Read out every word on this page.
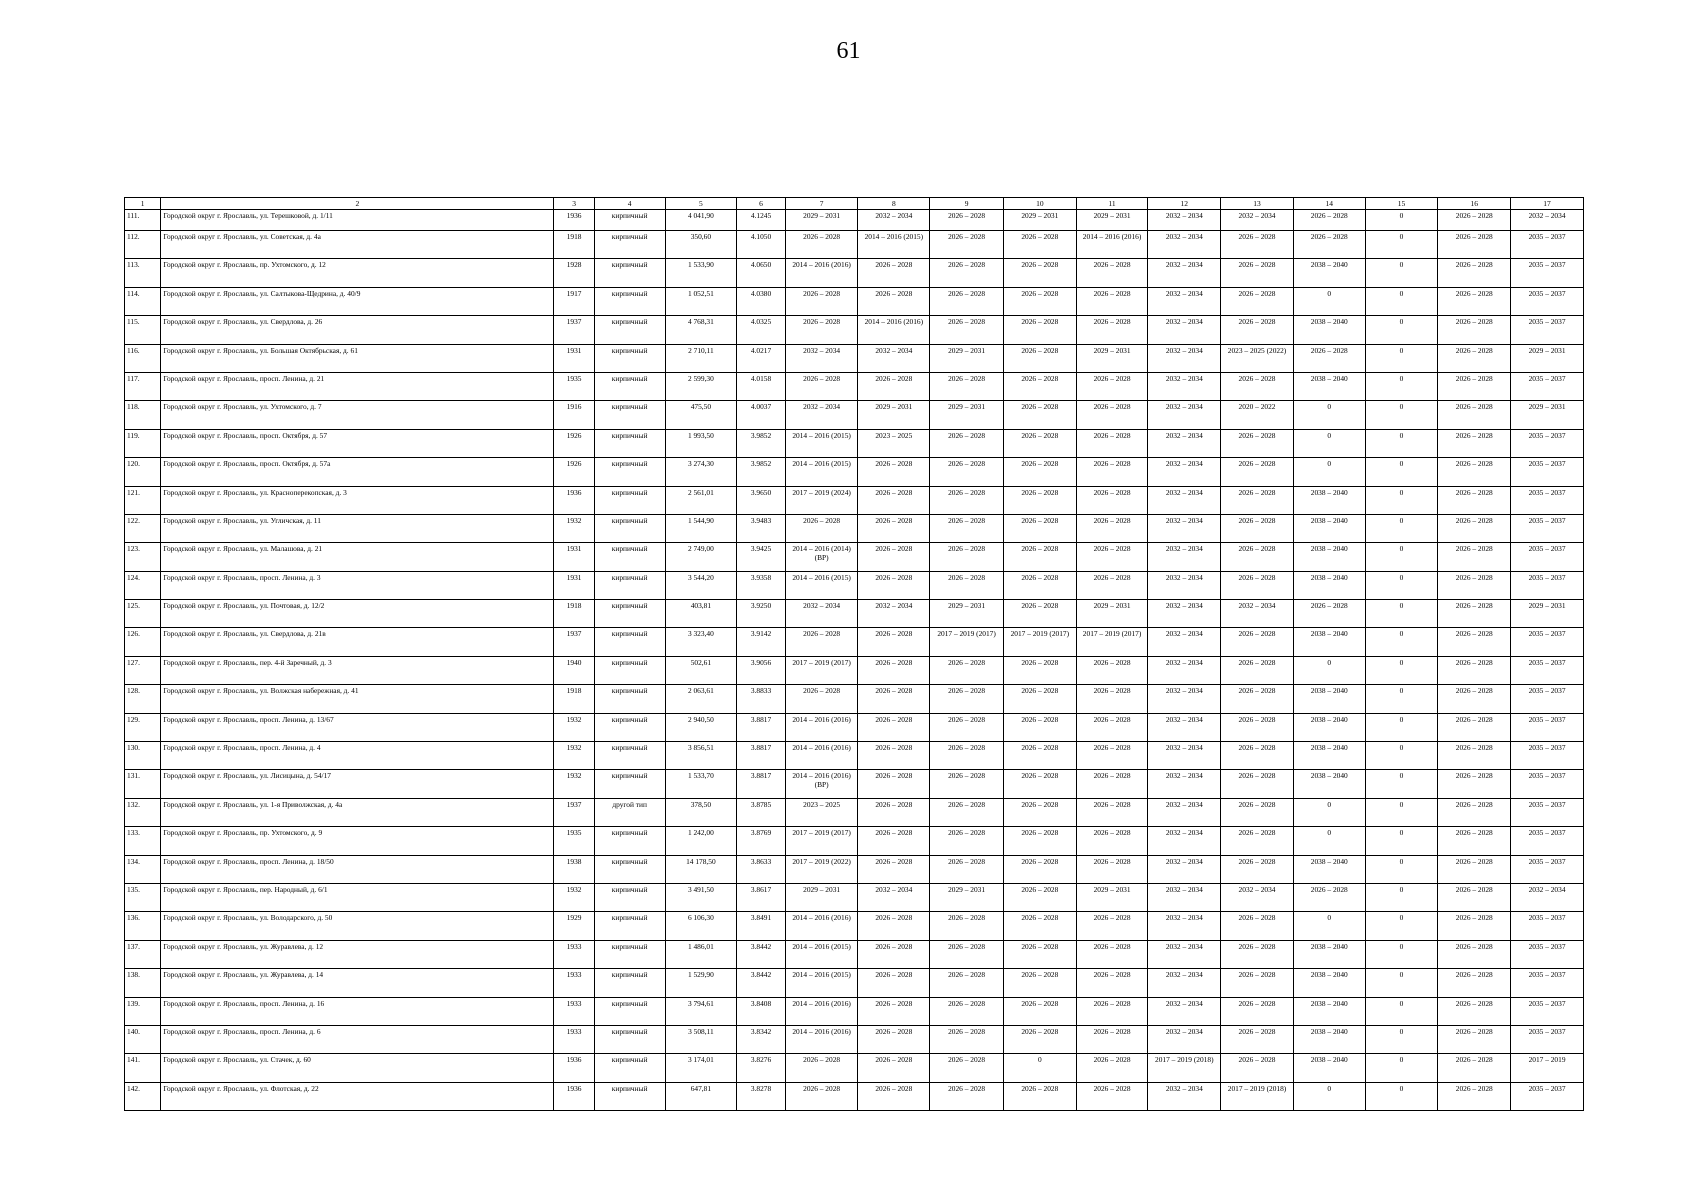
61
1	2	3	4	5	6	7	8	9	10	11	12	13	14	15	16	17
111.	Городской округ г. Ярославль, ул. Терешковой, д. 1/11	1936	кирпичный	4 041,90	4.1245	2029 – 2031	2032 – 2034	2026 – 2028	2029 – 2031	2029 – 2031	2032 – 2034	2032 – 2034	2026 – 2028	0	2026 – 2028	2032 – 2034
112.	Городской округ г. Ярославль, ул. Советская, д. 4а	1918	кирпичный	350,60	4.1050	2026 – 2028	2014 – 2016 (2015)	2026 – 2028	2026 – 2028	2014 – 2016 (2016)	2032 – 2034	2026 – 2028	2026 – 2028	0	2026 – 2028	2035 – 2037
113.	Городской округ г. Ярославль, пр. Ухтомского, д. 12	1928	кирпичный	1 533,90	4.0650	2014 – 2016 (2016)	2026 – 2028	2026 – 2028	2026 – 2028	2026 – 2028	2032 – 2034	2026 – 2028	2038 – 2040	0	2026 – 2028	2035 – 2037
114.	Городской округ г. Ярославль, ул. Салтыкова-Щедрина, д. 40/9	1917	кирпичный	1 052,51	4.0380	2026 – 2028	2026 – 2028	2026 – 2028	2026 – 2028	2026 – 2028	2032 – 2034	2026 – 2028	0	0	2026 – 2028	2035 – 2037
115.	Городской округ г. Ярославль, ул. Свердлова, д. 26	1937	кирпичный	4 768,31	4.0325	2026 – 2028	2014 – 2016 (2016)	2026 – 2028	2026 – 2028	2026 – 2028	2032 – 2034	2026 – 2028	2038 – 2040	0	2026 – 2028	2035 – 2037
116.	Городской округ г. Ярославль, ул. Большая Октябрьская, д. 61	1931	кирпичный	2 710,11	4.0217	2032 – 2034	2032 – 2034	2029 – 2031	2026 – 2028	2029 – 2031	2032 – 2034	2023 – 2025 (2022)	2026 – 2028	0	2026 – 2028	2029 – 2031
117.	Городской округ г. Ярославль, просп. Ленина, д. 21	1935	кирпичный	2 599,30	4.0158	2026 – 2028	2026 – 2028	2026 – 2028	2026 – 2028	2026 – 2028	2032 – 2034	2026 – 2028	2038 – 2040	0	2026 – 2028	2035 – 2037
118.	Городской округ г. Ярославль, ул. Ухтомского, д. 7	1916	кирпичный	475,50	4.0037	2032 – 2034	2029 – 2031	2029 – 2031	2026 – 2028	2026 – 2028	2032 – 2034	2020 – 2022	0	0	2026 – 2028	2029 – 2031
119.	Городской округ г. Ярославль, просп. Октября, д. 57	1926	кирпичный	1 993,50	3.9852	2014 – 2016 (2015)	2023 – 2025	2026 – 2028	2026 – 2028	2026 – 2028	2032 – 2034	2026 – 2028	0	0	2026 – 2028	2035 – 2037
120.	Городской округ г. Ярославль, просп. Октября, д. 57а	1926	кирпичный	3 274,30	3.9852	2014 – 2016 (2015)	2026 – 2028	2026 – 2028	2026 – 2028	2026 – 2028	2032 – 2034	2026 – 2028	0	0	2026 – 2028	2035 – 2037
121.	Городской округ г. Ярославль, ул. Красноперекопская, д. 3	1936	кирпичный	2 561,01	3.9650	2017 – 2019 (2024)	2026 – 2028	2026 – 2028	2026 – 2028	2026 – 2028	2032 – 2034	2026 – 2028	2038 – 2040	0	2026 – 2028	2035 – 2037
122.	Городской округ г. Ярославль, ул. Угличская, д. 11	1932	кирпичный	1 544,90	3.9483	2026 – 2028	2026 – 2028	2026 – 2028	2026 – 2028	2026 – 2028	2032 – 2034	2026 – 2028	2038 – 2040	0	2026 – 2028	2035 – 2037
123.	Городской округ г. Ярославль, ул. Малашова, д. 21	1931	кирпичный	2 749,00	3.9425	2014 – 2016 (2014) (ВР)	2026 – 2028	2026 – 2028	2026 – 2028	2026 – 2028	2032 – 2034	2026 – 2028	2038 – 2040	0	2026 – 2028	2035 – 2037
124.	Городской округ г. Ярославль, просп. Ленина, д. 3	1931	кирпичный	3 544,20	3.9358	2014 – 2016 (2015)	2026 – 2028	2026 – 2028	2026 – 2028	2026 – 2028	2032 – 2034	2026 – 2028	2038 – 2040	0	2026 – 2028	2035 – 2037
125.	Городской округ г. Ярославль, ул. Почтовая, д. 12/2	1918	кирпичный	403,81	3.9250	2032 – 2034	2032 – 2034	2029 – 2031	2026 – 2028	2029 – 2031	2032 – 2034	2032 – 2034	2026 – 2028	0	2026 – 2028	2029 – 2031
126.	Городской округ г. Ярославль, ул. Свердлова, д. 21в	1937	кирпичный	3 323,40	3.9142	2026 – 2028	2026 – 2028	2017 – 2019 (2017)	2017 – 2019 (2017)	2017 – 2019 (2017)	2032 – 2034	2026 – 2028	2038 – 2040	0	2026 – 2028	2035 – 2037
127.	Городской округ г. Ярославль, пер. 4-й Заречный, д. 3	1940	кирпичный	502,61	3.9056	2017 – 2019 (2017)	2026 – 2028	2026 – 2028	2026 – 2028	2026 – 2028	2032 – 2034	2026 – 2028	0	0	2026 – 2028	2035 – 2037
128.	Городской округ г. Ярославль, ул. Волжская набережная, д. 41	1918	кирпичный	2 063,61	3.8833	2026 – 2028	2026 – 2028	2026 – 2028	2026 – 2028	2026 – 2028	2032 – 2034	2026 – 2028	2038 – 2040	0	2026 – 2028	2035 – 2037
129.	Городской округ г. Ярославль, просп. Ленина, д. 13/67	1932	кирпичный	2 940,50	3.8817	2014 – 2016 (2016)	2026 – 2028	2026 – 2028	2026 – 2028	2026 – 2028	2032 – 2034	2026 – 2028	2038 – 2040	0	2026 – 2028	2035 – 2037
130.	Городской округ г. Ярославль, просп. Ленина, д. 4	1932	кирпичный	3 856,51	3.8817	2014 – 2016 (2016)	2026 – 2028	2026 – 2028	2026 – 2028	2026 – 2028	2032 – 2034	2026 – 2028	2038 – 2040	0	2026 – 2028	2035 – 2037
131.	Городской округ г. Ярославль, ул. Лисицына, д. 54/17	1932	кирпичный	1 533,70	3.8817	2014 – 2016 (2016) (ВР)	2026 – 2028	2026 – 2028	2026 – 2028	2026 – 2028	2032 – 2034	2026 – 2028	2038 – 2040	0	2026 – 2028	2035 – 2037
132.	Городской округ г. Ярославль, ул. 1-я Приволжская, д. 4а	1937	другой тип	378,50	3.8785	2023 – 2025	2026 – 2028	2026 – 2028	2026 – 2028	2026 – 2028	2032 – 2034	2026 – 2028	0	0	2026 – 2028	2035 – 2037
133.	Городской округ г. Ярославль, пр. Ухтомского, д. 9	1935	кирпичный	1 242,00	3.8769	2017 – 2019 (2017)	2026 – 2028	2026 – 2028	2026 – 2028	2026 – 2028	2032 – 2034	2026 – 2028	0	0	2026 – 2028	2035 – 2037
134.	Городской округ г. Ярославль, просп. Ленина, д. 18/50	1938	кирпичный	14 178,50	3.8633	2017 – 2019 (2022)	2026 – 2028	2026 – 2028	2026 – 2028	2026 – 2028	2032 – 2034	2026 – 2028	2038 – 2040	0	2026 – 2028	2035 – 2037
135.	Городской округ г. Ярославль, пер. Народный, д. 6/1	1932	кирпичный	3 491,50	3.8617	2029 – 2031	2032 – 2034	2029 – 2031	2026 – 2028	2029 – 2031	2032 – 2034	2032 – 2034	2026 – 2028	0	2026 – 2028	2032 – 2034
136.	Городской округ г. Ярославль, ул. Володарского, д. 50	1929	кирпичный	6 106,30	3.8491	2014 – 2016 (2016)	2026 – 2028	2026 – 2028	2026 – 2028	2026 – 2028	2032 – 2034	2026 – 2028	0	0	2026 – 2028	2035 – 2037
137.	Городской округ г. Ярославль, ул. Журавлева, д. 12	1933	кирпичный	1 486,01	3.8442	2014 – 2016 (2015)	2026 – 2028	2026 – 2028	2026 – 2028	2026 – 2028	2032 – 2034	2026 – 2028	2038 – 2040	0	2026 – 2028	2035 – 2037
138.	Городской округ г. Ярославль, ул. Журавлева, д. 14	1933	кирпичный	1 529,90	3.8442	2014 – 2016 (2015)	2026 – 2028	2026 – 2028	2026 – 2028	2026 – 2028	2032 – 2034	2026 – 2028	2038 – 2040	0	2026 – 2028	2035 – 2037
139.	Городской округ г. Ярославль, просп. Ленина, д. 16	1933	кирпичный	3 794,61	3.8408	2014 – 2016 (2016)	2026 – 2028	2026 – 2028	2026 – 2028	2026 – 2028	2032 – 2034	2026 – 2028	2038 – 2040	0	2026 – 2028	2035 – 2037
140.	Городской округ г. Ярославль, просп. Ленина, д. 6	1933	кирпичный	3 508,11	3.8342	2014 – 2016 (2016)	2026 – 2028	2026 – 2028	2026 – 2028	2026 – 2028	2032 – 2034	2026 – 2028	2038 – 2040	0	2026 – 2028	2035 – 2037
141.	Городской округ г. Ярославль, ул. Стачек, д. 60	1936	кирпичный	3 174,01	3.8276	2026 – 2028	2026 – 2028	2026 – 2028	0	2026 – 2028	2017 – 2019 (2018)	2026 – 2028	2038 – 2040	0	2026 – 2028	2017 – 2019
142.	Городской округ г. Ярославль, ул. Флотская, д. 22	1936	кирпичный	647,81	3.8278	2026 – 2028	2026 – 2028	2026 – 2028	2026 – 2028	2026 – 2028	2032 – 2034	2017 – 2019 (2018)	0	0	2026 – 2028	2035 – 2037
